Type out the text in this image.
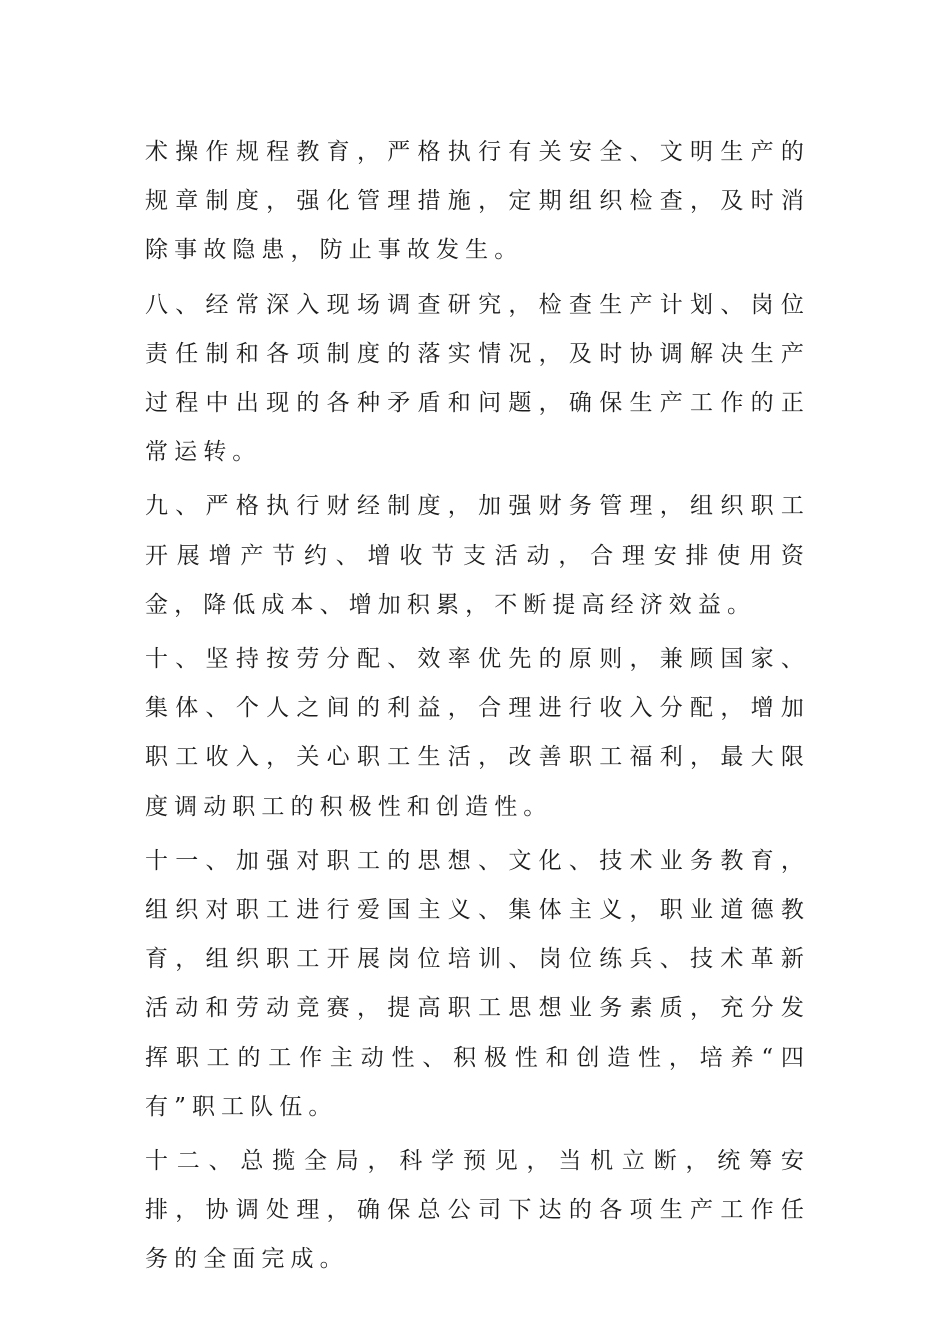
术操作规程教育，严格执行有关安全、文明生产的规章制度，强化管理措施，定期组织检查，及时消除事故隐患，防止事故发生。

八、经常深入现场调查研究，检查生产计划、岗位责任制和各项制度的落实情况，及时协调解决生产过程中出现的各种矛盾和问题，确保生产工作的正常运转。

九、严格执行财经制度，加强财务管理，组织职工开展增产节约、增收节支活动，合理安排使用资金，降低成本、增加积累，不断提高经济效益。

十、坚持按劳分配、效率优先的原则，兼顾国家、集体、个人之间的利益，合理进行收入分配，增加职工收入，关心职工生活，改善职工福利，最大限度调动职工的积极性和创造性。

十一、加强对职工的思想、文化、技术业务教育，组织对职工进行爱国主义、集体主义，职业道德教育，组织职工开展岗位培训、岗位练兵、技术革新活动和劳动竞赛，提高职工思想业务素质，充分发挥职工的工作主动性、积极性和创造性，培养“四有”职工队伍。

十二、总揽全局，科学预见，当机立断，统筹安排，协调处理，确保总公司下达的各项生产工作任务的全面完成。
